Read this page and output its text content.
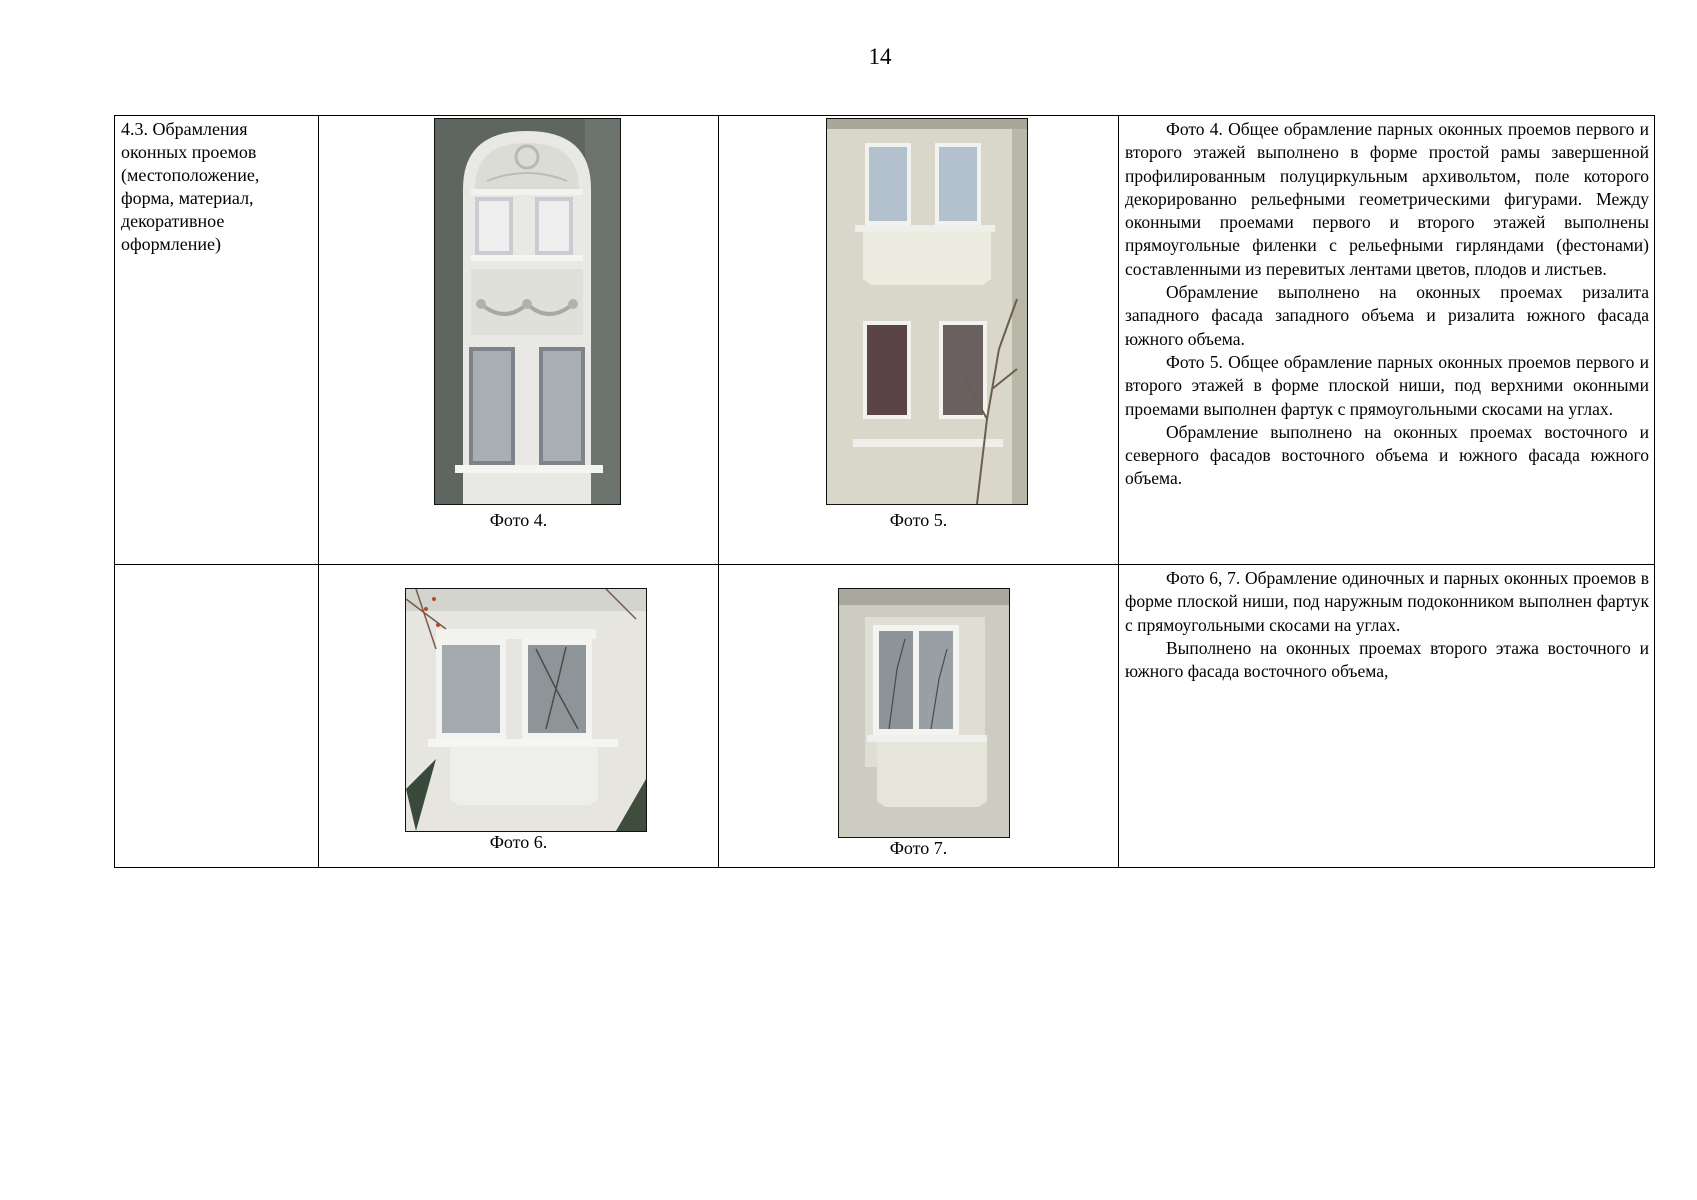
14
4.3. Обрамления оконных проемов (местоположение, форма, материал, декоративное оформление)	Фото 4.	Фото 5.	Фото 4. Общее обрамление парных оконных проемов первого и второго этажей выполнено в форме простой рамы завершенной профилированным полуциркульным архивольтом, поле которого декорированно рельефными геометрическими фигурами. Между оконными проемами первого и второго этажей выполнены прямоугольные филенки с рельефными гирляндами (фестонами) составленными из перевитых лентами цветов, плодов и листьев.

Обрамление выполнено на оконных проемах ризалита западного фасада западного объема и ризалита южного фасада южного объема.

Фото 5. Общее обрамление парных оконных проемов первого и второго этажей в форме плоской ниши, под верхними оконными проемами выполнен фартук с прямоугольными скосами на углах.

Обрамление выполнено на оконных проемах восточного и северного фасадов восточного объема и южного фасада южного объема.

	Фото 6.	Фото 7.	Фото 6, 7. Обрамление одиночных и парных оконных проемов в форме плоской ниши, под наружным подоконником выполнен фартук с прямоугольными скосами на углах.

Выполнено на оконных проемах второго этажа восточного и южного фасада восточного объема,
